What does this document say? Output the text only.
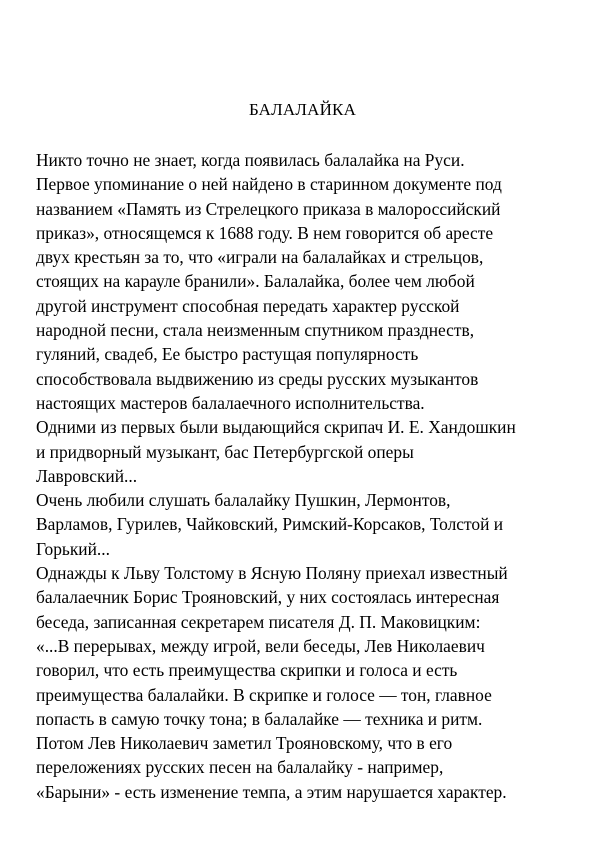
БАЛАЛАЙКА
Никто точно не знает, когда появилась балалайка на Руси.
Первое упоминание о ней найдено в старинном документе под
названием «Память из Стрелецкого приказа в малороссийский
приказ», относящемся к 1688 году. В нем говорится об аресте
двух крестьян за то, что «играли на балалайках и стрельцов,
стоящих на карауле бранили». Балалайка, более чем любой
другой инструмент способная передать характер русской
народной песни, стала неизменным спутником празднеств,
гуляний, свадеб, Ее быстро растущая популярность
способствовала выдвижению из среды русских музыкантов
настоящих мастеров балалаечного исполнительства.
Одними из первых были выдающийся скрипач И. Е. Хандошкин
и придворный музыкант, бас Петербургской оперы
Лавровский...
Очень любили слушать балалайку Пушкин, Лермонтов,
Варламов, Гурилев, Чайковский, Римский-Корсаков, Толстой и
Горький...
Однажды к Льву Толстому в Ясную Поляну приехал известный
балалаечник Борис Трояновский, у них состоялась интересная
беседа, записанная секретарем писателя Д. П. Маковицким:
«...В перерывах, между игрой, вели беседы, Лев Николаевич
говорил, что есть преимущества скрипки и голоса и есть
преимущества балалайки. В скрипке и голосе — тон, главное
попасть в самую точку тона; в балалайке — техника и ритм.
Потом Лев Николаевич заметил Трояновскому, что в его
переложениях русских песен на балалайку - например,
«Барыни» - есть изменение темпа, а этим нарушается характер.
